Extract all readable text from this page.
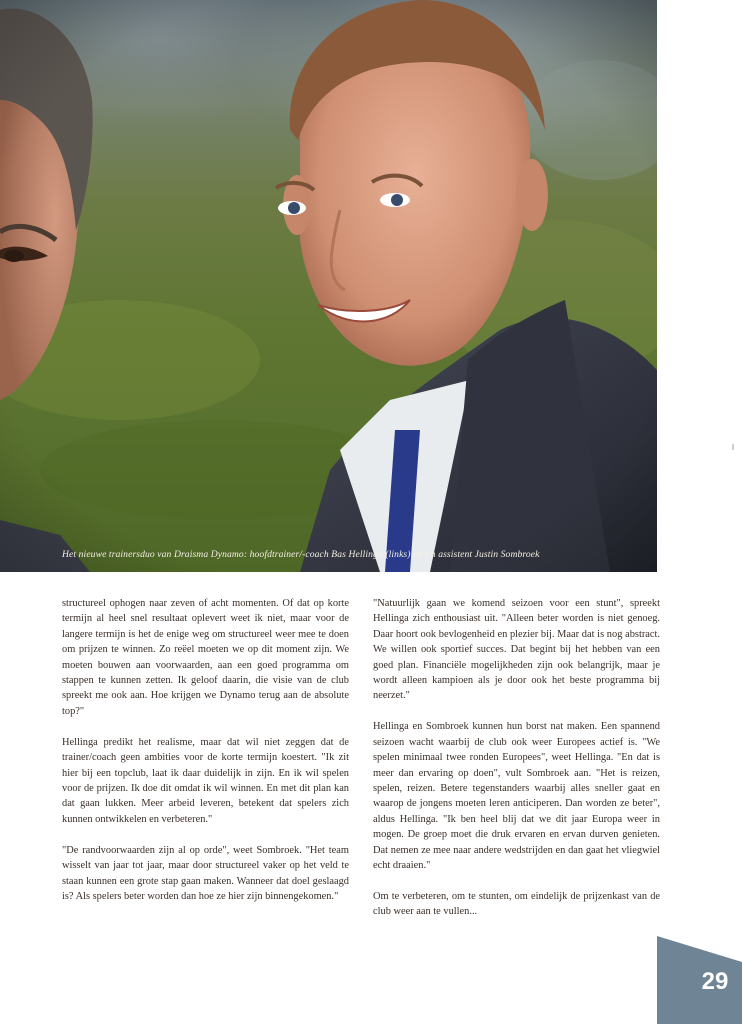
Het nieuwe trainersduo van Draisma Dynamo: hoofdtrainer/-coach Bas Hellinga (links) en z'n assistent Justin Sombroek

structureel ophogen naar zeven of acht momenten. Of dat op korte termijn al heel snel resultaat oplevert weet ik niet, maar voor de langere termijn is het de enige weg om structureel weer mee te doen om prijzen te winnen. Zo reëel moeten we op dit moment zijn. We moeten bouwen aan voorwaarden, aan een goed programma om stappen te kunnen zetten. Ik geloof daarin, die visie van de club spreekt me ook aan. Hoe krijgen we Dynamo terug aan de absolute top?"

Hellinga predikt het realisme, maar dat wil niet zeggen dat de trainer/coach geen ambities voor de korte termijn koestert. "Ik zit hier bij een topclub, laat ik daar duidelijk in zijn. En ik wil spelen voor de prijzen. Ik doe dit omdat ik wil winnen. En met dit plan kan dat gaan lukken. Meer arbeid leveren, betekent dat spelers zich kunnen ontwikkelen en verbeteren."

"De randvoorwaarden zijn al op orde", weet Sombroek. "Het team wisselt van jaar tot jaar, maar door structureel vaker op het veld te staan kunnen een grote stap gaan maken. Wanneer dat doel geslaagd is? Als spelers beter worden dan hoe ze hier zijn binnengekomen."

"Natuurlijk gaan we komend seizoen voor een stunt", spreekt Hellinga zich enthousiast uit. "Alleen beter worden is niet genoeg. Daar hoort ook bevlogenheid en plezier bij. Maar dat is nog abstract. We willen ook sportief succes. Dat begint bij het hebben van een goed plan. Financiële mogelijkheden zijn ook belangrijk, maar je wordt alleen kampioen als je door ook het beste programma bij neerzet."

Hellinga en Sombroek kunnen hun borst nat maken. Een spannend seizoen wacht waarbij de club ook weer Europees actief is. "We spelen minimaal twee ronden Europees", weet Hellinga. "En dat is meer dan ervaring op doen", vult Sombroek aan. "Het is reizen, spelen, reizen. Betere tegenstanders waarbij alles sneller gaat en waarop de jongens moeten leren anticiperen. Dan worden ze beter", aldus Hellinga. "Ik ben heel blij dat we dit jaar Europa weer in mogen. De groep moet die druk ervaren en ervan durven genieten. Dat nemen ze mee naar andere wedstrijden en dan gaat het vliegwiel echt draaien."

Om te verbeteren, om te stunten, om eindelijk de prijzenkast van de club weer aan te vullen...

29
